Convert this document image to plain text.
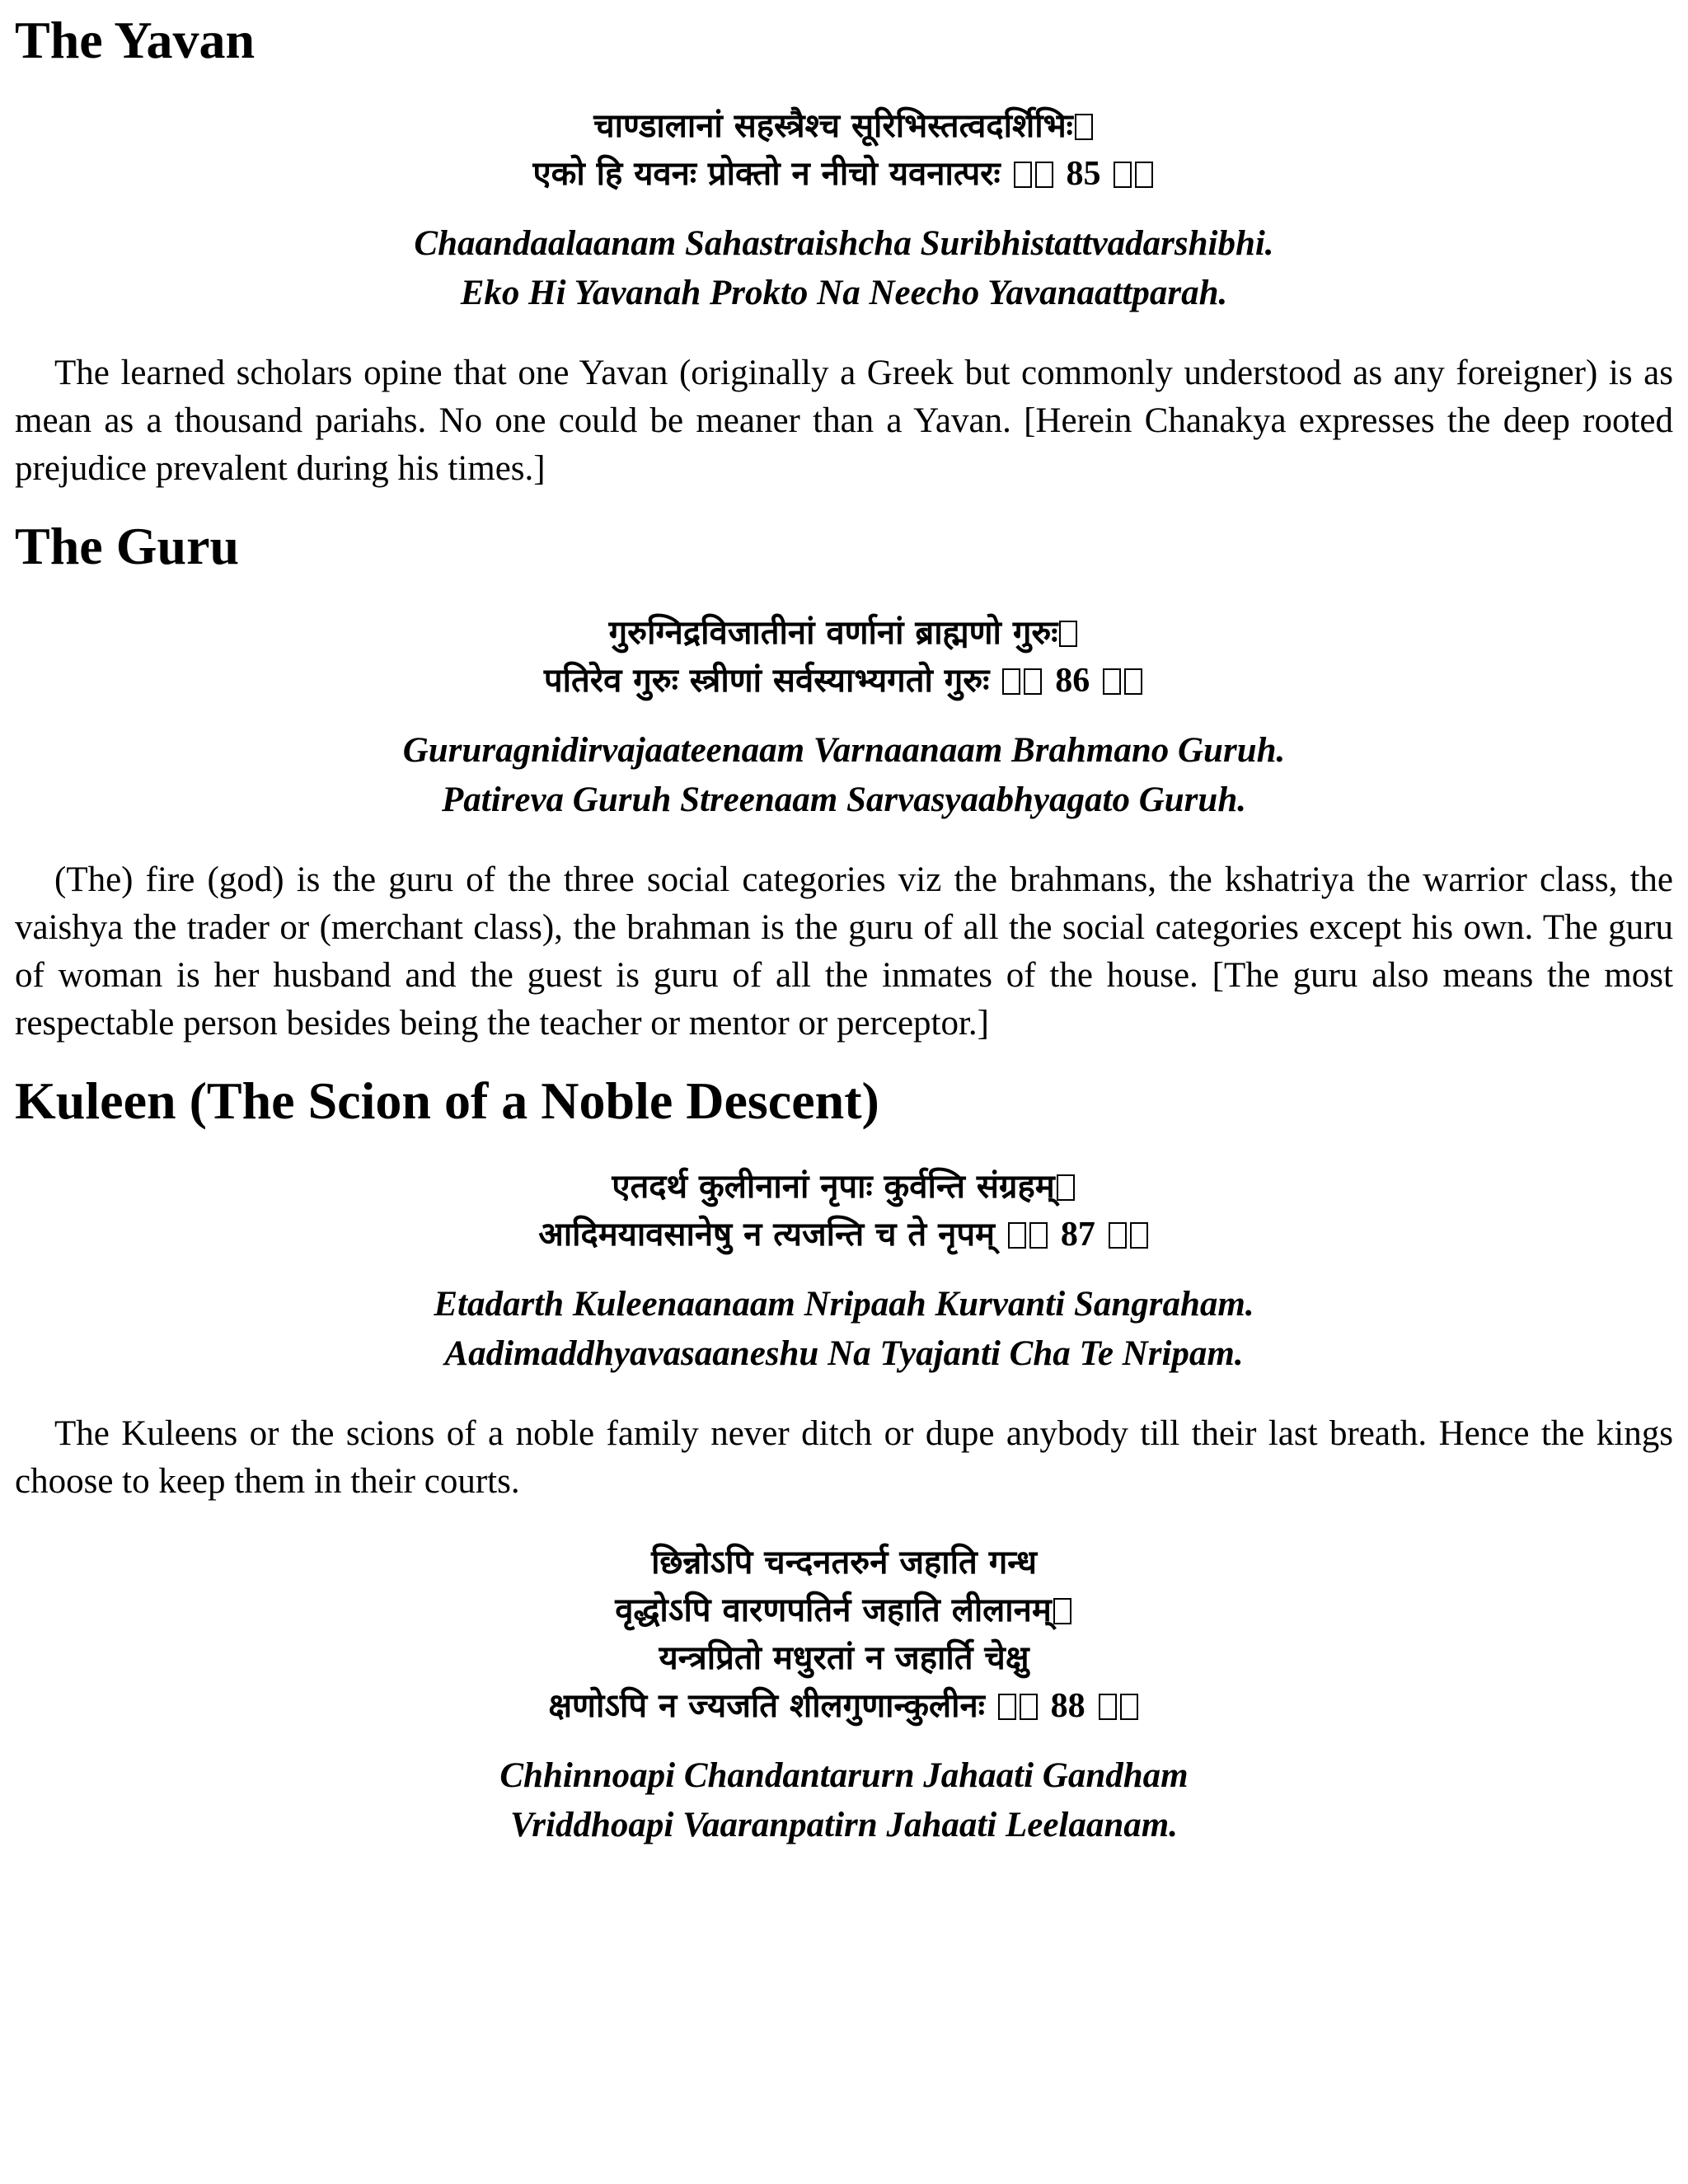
The Yavan
चाण्डालानां सहस्त्रैश्च सूरिभिस्तत्वदर्शिभिः
एको हि यवनः प्रोक्तो न नीचो यवनात्परः 85
Chaandaalaanam Sahastraishcha Suribhistattvadarshibhi.
Eko Hi Yavanah Prokto Na Neecho Yavanaattparah.

The learned scholars opine that one Yavan (originally a Greek but commonly understood as any foreigner) is as mean as a thousand pariahs. No one could be meaner than a Yavan. [Herein Chanakya expresses the deep rooted prejudice prevalent during his times.]

The Guru
गुरुग्निद्रविजातीनां वर्णानां ब्राह्मणो गुरुः
पतिरेव गुरुः स्त्रीणां सर्वस्याभ्यगतो गुरुः 86
Gururagnidirvajaateenaam Varnaanaam Brahmano Guruh.
Patireva Guruh Streenaam Sarvasyaabhyagato Guruh.

(The) fire (god) is the guru of the three social categories viz the brahmans, the kshatriya the warrior class, the vaishya the trader or (merchant class), the brahman is the guru of all the social categories except his own. The guru of woman is her husband and the guest is guru of all the inmates of the house. [The guru also means the most respectable person besides being the teacher or mentor or perceptor.]

Kuleen (The Scion of a Noble Descent)
एतदर्थ कुलीनानां नृपाः कुर्वन्ति संग्रहम्
आदिमयावसानेषु न त्यजन्ति च ते नृपम् 87
Etadarth Kuleenaanaam Nripaah Kurvanti Sangraham.
Aadimaddhyavasaaneshu Na Tyajanti Cha Te Nripam.

The Kuleens or the scions of a noble family never ditch or dupe anybody till their last breath. Hence the kings choose to keep them in their courts.

छिन्नोऽपि चन्दनतरुर्न जहाति गन्ध
वृद्धोऽपि वारणपतिर्न जहाति लीलानम्
यन्त्रप्रितो मधुरतां न जहार्ति चेक्षु
क्षणोऽपि न ज्यजति शीलगुणान्कुलीनः 88
Chhinnoapi Chandantarurn Jahaati Gandham
Vriddhoapi Vaaranpatirn Jahaati Leelaanam.
